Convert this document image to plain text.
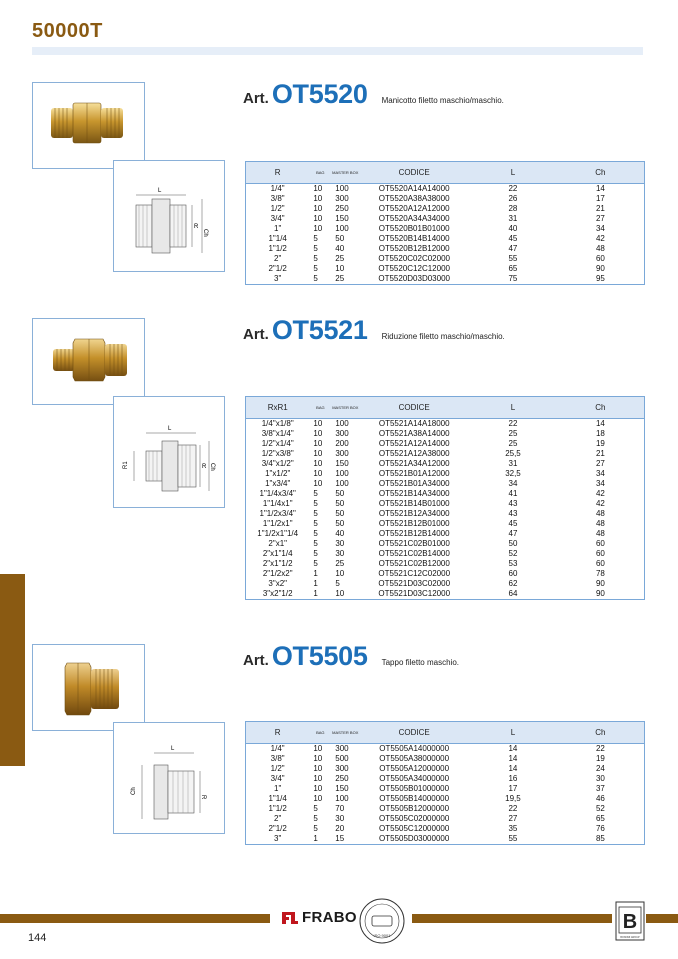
50000T
L
R
Ch
Art. OT5520 Manicotto filetto maschio/maschio.
R	BAG	MASTER BOX	CODICE	L	Ch
1/4"	10	100	OT5520A14A14000	22	14
3/8"	10	300	OT5520A38A38000	26	17
1/2"	10	250	OT5520A12A12000	28	21
3/4"	10	150	OT5520A34A34000	31	27
1"	10	100	OT5520B01B01000	40	34
1"1/4	5	50	OT5520B14B14000	45	42
1"1/2	5	40	OT5520B12B12000	47	48
2"	5	25	OT5520C02C02000	55	60
2"1/2	5	10	OT5520C12C12000	65	90
3"	5	25	OT5520D03D03000	75	95
L
R1	R Ch
Art. OT5521 Riduzione filetto maschio/maschio.
RxR1	BAG	MASTER BOX	CODICE	L	Ch
1/4"x1/8"	10	100	OT5521A14A18000	22	14
3/8"x1/4"	10	300	OT5521A38A14000	25	18
1/2"x1/4"	10	200	OT5521A12A14000	25	19
1/2"x3/8"	10	300	OT5521A12A38000	25,5	21
3/4"x1/2"	10	150	OT5521A34A12000	31	27
1"x1/2"	10	100	OT5521B01A12000	32,5	34
1"x3/4"	10	100	OT5521B01A34000	34	34
1"1/4x3/4"	5	50	OT5521B14A34000	41	42
1"1/4x1"	5	50	OT5521B14B01000	43	42
1"1/2x3/4"	5	50	OT5521B12A34000	43	48
1"1/2x1"	5	50	OT5521B12B01000	45	48
1"1/2x1"1/4	5	40	OT5521B12B14000	47	48
2"x1"	5	30	OT5521C02B01000	50	60
2"x1"1/4	5	30	OT5521C02B14000	52	60
2"x1"1/2	5	25	OT5521C02B12000	53	60
2"1/2x2"	1	10	OT5521C12C02000	60	78
3"x2"	1	5	OT5521D03C02000	62	90
3"x2"1/2	1	10	OT5521D03C12000	64	90
L
Ch
R
Art. OT5505 Tappo filetto maschio.
R	BAG	MASTER BOX	CODICE	L	Ch
1/4"	10	300	OT5505A14000000	14	22
3/8"	10	500	OT5505A38000000	14	19
1/2"	10	300	OT5505A12000000	14	24
3/4"	10	250	OT5505A34000000	16	30
1"	10	150	OT5505B01000000	17	37
1"1/4	10	100	OT5505B14000000	19,5	46
1"1/2	5	70	OT5505B12000000	22	52
2"	5	30	OT5505C02000000	27	65
2"1/2	5	20	OT5505C12000000	35	76
3"	1	15	OT5505D03000000	55	85
FRABO
ISO 9001
B
BONOMI GROUP
144
